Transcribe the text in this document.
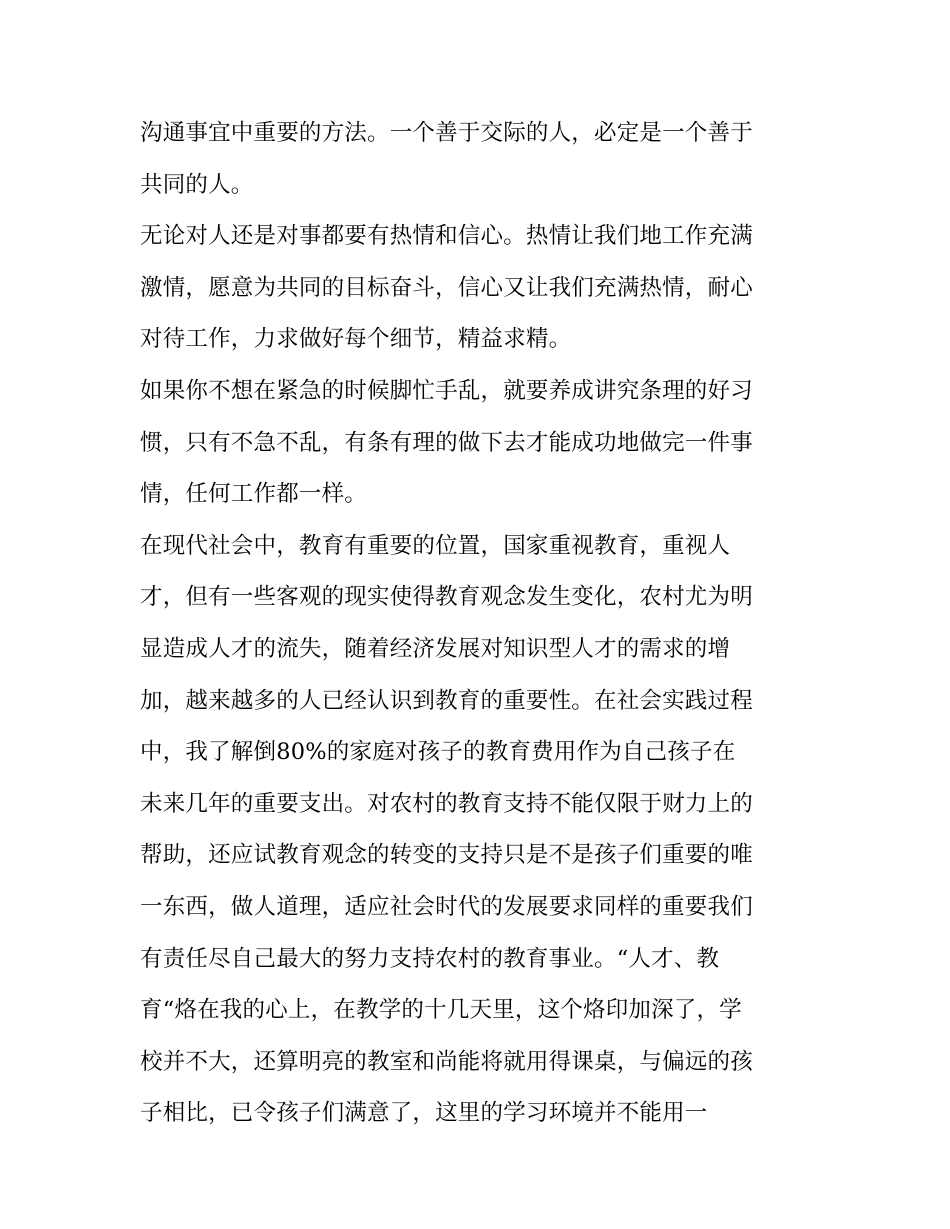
沟通事宜中重要的方法。一个善于交际的人，必定是一个善于
共同的人。
无论对人还是对事都要有热情和信心。热情让我们地工作充满
激情，愿意为共同的目标奋斗，信心又让我们充满热情，耐心
对待工作，力求做好每个细节，精益求精。
如果你不想在紧急的时候脚忙手乱，就要养成讲究条理的好习
惯，只有不急不乱，有条有理的做下去才能成功地做完一件事
情，任何工作都一样。
在现代社会中，教育有重要的位置，国家重视教育，重视人
才，但有一些客观的现实使得教育观念发生变化，农村尤为明
显造成人才的流失，随着经济发展对知识型人才的需求的增
加，越来越多的人已经认识到教育的重要性。在社会实践过程
中，我了解倒80%的家庭对孩子的教育费用作为自己孩子在
未来几年的重要支出。对农村的教育支持不能仅限于财力上的
帮助，还应试教育观念的转变的支持只是不是孩子们重要的唯
一东西，做人道理，适应社会时代的发展要求同样的重要我们
有责任尽自己最大的努力支持农村的教育事业。“人才、教
育“烙在我的心上，在教学的十几天里，这个烙印加深了，学
校并不大，还算明亮的教室和尚能将就用得课桌，与偏远的孩
子相比，已令孩子们满意了，这里的学习环境并不能用一
